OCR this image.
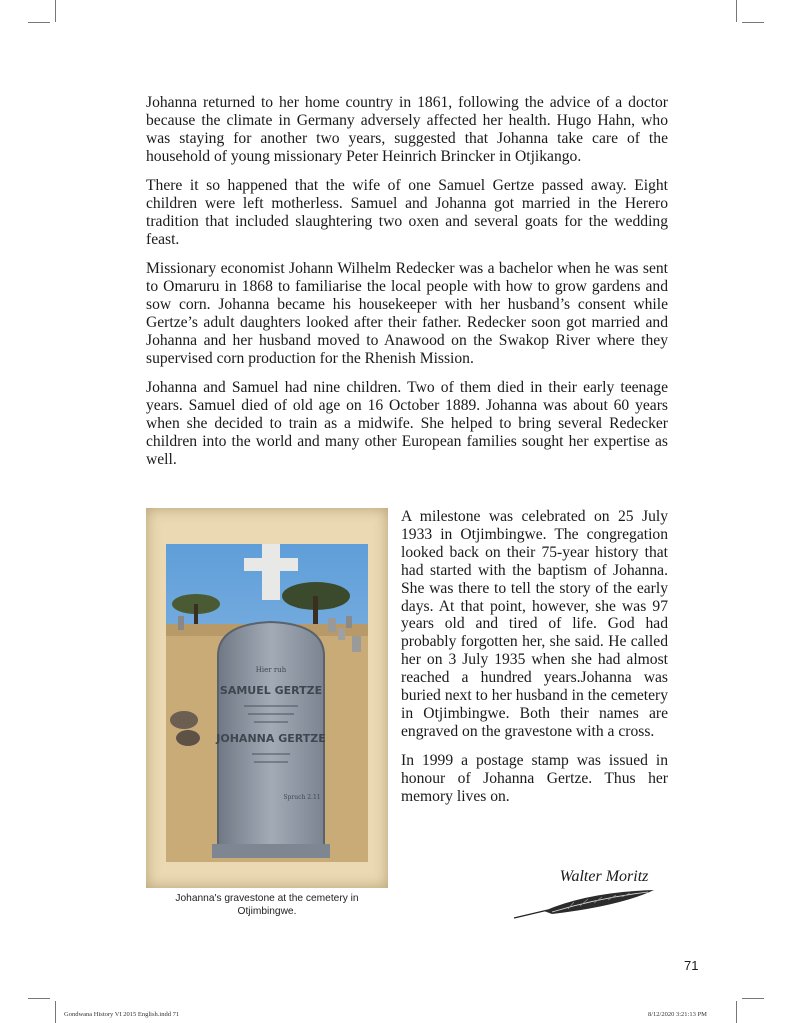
Johanna returned to her home country in 1861, following the advice of a doctor because the climate in Germany adversely affected her health. Hugo Hahn, who was staying for another two years, suggested that Johanna take care of the household of young missionary Peter Heinrich Brincker in Otjikango.

There it so happened that the wife of one Samuel Gertze passed away. Eight children were left motherless. Samuel and Johanna got married in the Herero tradition that included slaughtering two oxen and several goats for the wedding feast.

Missionary economist Johann Wilhelm Redecker was a bachelor when he was sent to Omaruru in 1868 to familiarise the local people with how to grow gardens and sow corn. Johanna became his housekeeper with her husband’s consent while Gertze’s adult daughters looked after their father. Redecker soon got married and Johanna and her husband moved to Anawood on the Swakop River where they supervised corn production for the Rhenish Mission.

Johanna and Samuel had nine children. Two of them died in their early teenage years. Samuel died of old age on 16 October 1889. Johanna was about 60 years when she decided to train as a midwife. She helped to bring several Redecker children into the world and many other European families sought her expertise as well.

Hier ruh
SAMUEL GERTZE
JOHANNA GERTZE
Spruch 2.11
Johanna's gravestone at the cemetery in Otjimbingwe.

A milestone was celebrated on 25 July 1933 in Otjimbingwe. The congregation looked back on their 75-year history that had started with the baptism of Johanna. She was there to tell the story of the early days. At that point, however, she was 97 years old and tired of life. God had probably forgotten her, she said. He called her on 3 July 1935 when she had almost reached a hundred years.Johanna was buried next to her husband in the cemetery in Otjimbingwe. Both their names are engraved on the gravestone with a cross.

In 1999 a postage stamp was issued in honour of Johanna Gertze. Thus her memory lives on.

Walter Moritz
71
Gondwana History VI 2015 English.indd 71	8/12/2020 3:21:13 PM
